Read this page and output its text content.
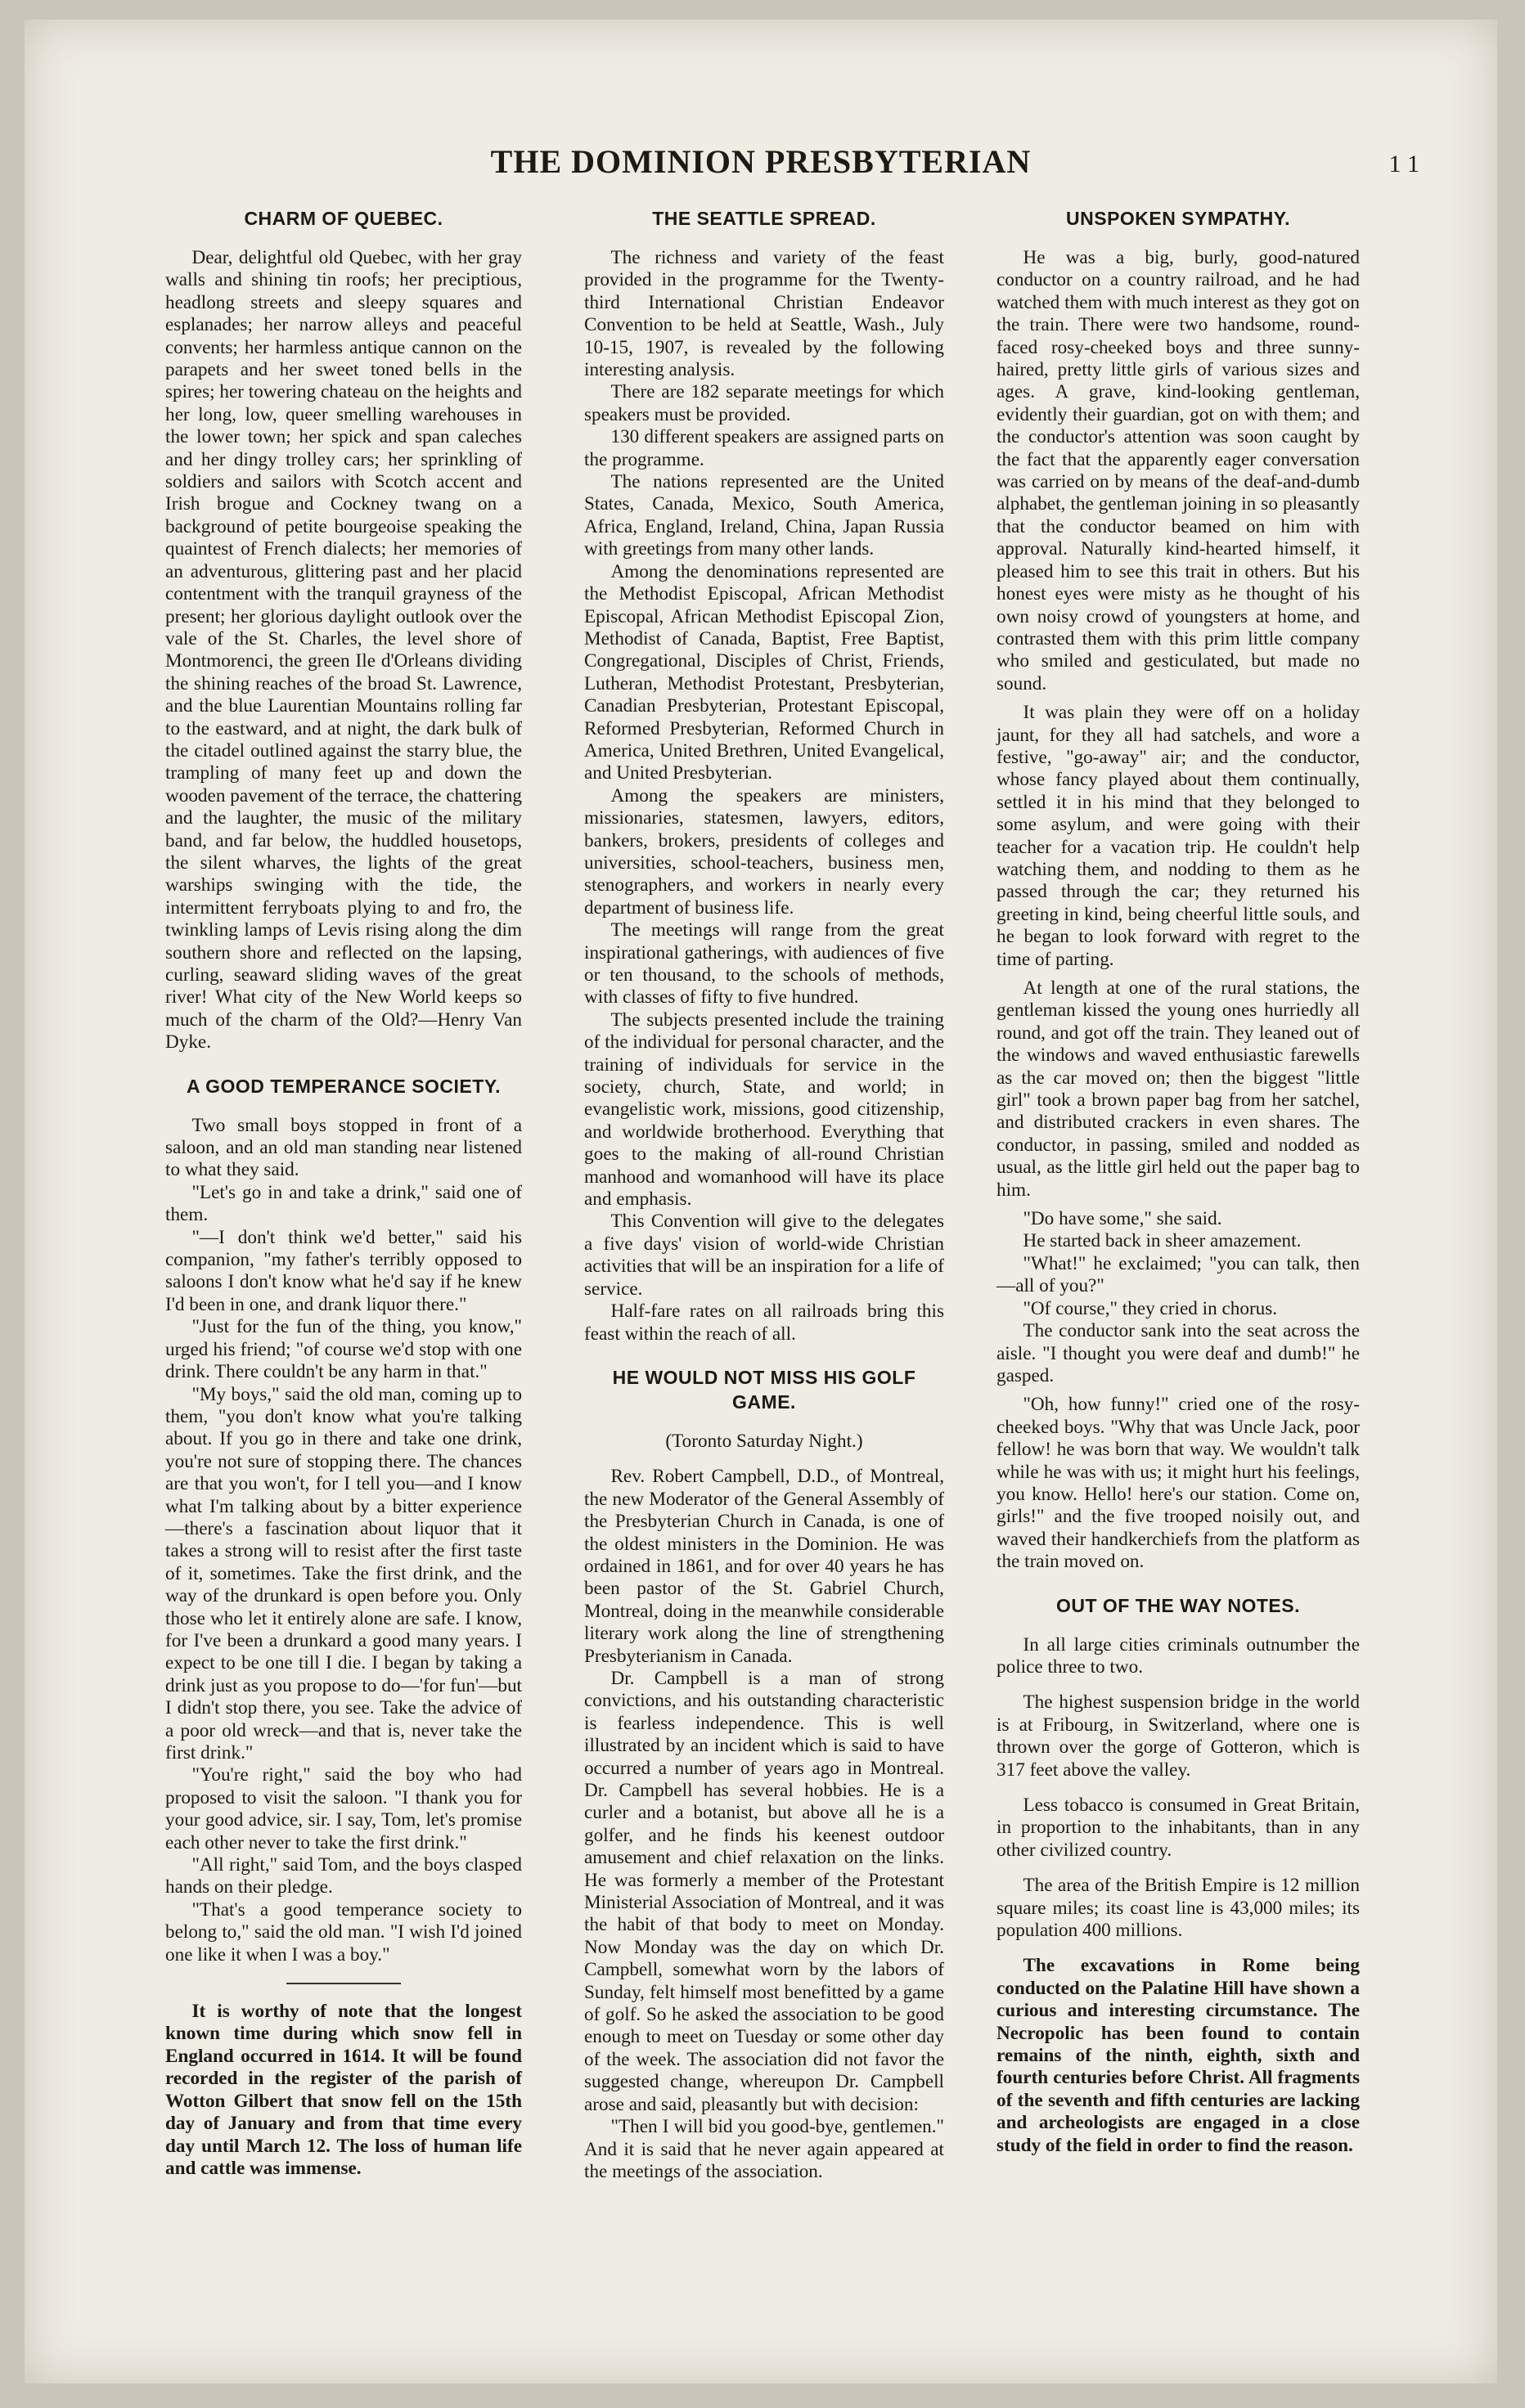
THE DOMINION PRESBYTERIAN	1 1
CHARM OF QUEBEC.

Dear, delightful old Quebec, with her gray walls and shining tin roofs; her preciptious, headlong streets and sleepy squares and esplanades; her narrow alleys and peaceful convents; her harmless antique cannon on the parapets and her sweet toned bells in the spires; her towering chateau on the heights and her long, low, queer smelling warehouses in the lower town; her spick and span caleches and her dingy trolley cars; her sprinkling of soldiers and sailors with Scotch accent and Irish brogue and Cockney twang on a background of petite bourgeoise speaking the quaintest of French dialects; her memories of an adventurous, glittering past and her placid contentment with the tranquil grayness of the present; her glorious daylight outlook over the vale of the St. Charles, the level shore of Montmorenci, the green Ile d'Orleans dividing the shining reaches of the broad St. Lawrence, and the blue Laurentian Mountains rolling far to the eastward, and at night, the dark bulk of the citadel outlined against the starry blue, the trampling of many feet up and down the wooden pavement of the terrace, the chattering and the laughter, the music of the military band, and far below, the huddled housetops, the silent wharves, the lights of the great warships swinging with the tide, the intermittent ferryboats plying to and fro, the twinkling lamps of Levis rising along the dim southern shore and reflected on the lapsing, curling, seaward sliding waves of the great river! What city of the New World keeps so much of the charm of the Old?—Henry Van Dyke.

A GOOD TEMPERANCE SOCIETY.

Two small boys stopped in front of a saloon, and an old man standing near listened to what they said.

"Let's go in and take a drink," said one of them.

"—I don't think we'd better," said his companion, "my father's terribly opposed to saloons I don't know what he'd say if he knew I'd been in one, and drank liquor there."

"Just for the fun of the thing, you know," urged his friend; "of course we'd stop with one drink. There couldn't be any harm in that."

"My boys," said the old man, coming up to them, "you don't know what you're talking about. If you go in there and take one drink, you're not sure of stopping there. The chances are that you won't, for I tell you—and I know what I'm talking about by a bitter experience—there's a fascination about liquor that it takes a strong will to resist after the first taste of it, sometimes. Take the first drink, and the way of the drunkard is open before you. Only those who let it entirely alone are safe. I know, for I've been a drunkard a good many years. I expect to be one till I die. I began by taking a drink just as you propose to do—'for fun'—but I didn't stop there, you see. Take the advice of a poor old wreck—and that is, never take the first drink."

"You're right," said the boy who had proposed to visit the saloon. "I thank you for your good advice, sir. I say, Tom, let's promise each other never to take the first drink."

"All right," said Tom, and the boys clasped hands on their pledge.

"That's a good temperance society to belong to," said the old man. "I wish I'd joined one like it when I was a boy."

It is worthy of note that the longest known time during which snow fell in England occurred in 1614. It will be found recorded in the register of the parish of Wotton Gilbert that snow fell on the 15th day of January and from that time every day until March 12. The loss of human life and cattle was immense.

THE SEATTLE SPREAD.

The richness and variety of the feast provided in the programme for the Twenty-third International Christian Endeavor Convention to be held at Seattle, Wash., July 10-15, 1907, is revealed by the following interesting analysis.

There are 182 separate meetings for which speakers must be provided.

130 different speakers are assigned parts on the programme.

The nations represented are the United States, Canada, Mexico, South America, Africa, England, Ireland, China, Japan Russia with greetings from many other lands.

Among the denominations represented are the Methodist Episcopal, African Methodist Episcopal, African Methodist Episcopal Zion, Methodist of Canada, Baptist, Free Baptist, Congregational, Disciples of Christ, Friends, Lutheran, Methodist Protestant, Presbyterian, Canadian Presbyterian, Protestant Episcopal, Reformed Presbyterian, Reformed Church in America, United Brethren, United Evangelical, and United Presbyterian.

Among the speakers are ministers, missionaries, statesmen, lawyers, editors, bankers, brokers, presidents of colleges and universities, school-teachers, business men, stenographers, and workers in nearly every department of business life.

The meetings will range from the great inspirational gatherings, with audiences of five or ten thousand, to the schools of methods, with classes of fifty to five hundred.

The subjects presented include the training of the individual for personal character, and the training of individuals for service in the society, church, State, and world; in evangelistic work, missions, good citizenship, and worldwide brotherhood. Everything that goes to the making of all-round Christian manhood and womanhood will have its place and emphasis.

This Convention will give to the delegates a five days' vision of world-wide Christian activities that will be an inspiration for a life of service.

Half-fare rates on all railroads bring this feast within the reach of all.

HE WOULD NOT MISS HIS GOLF GAME.

(Toronto Saturday Night.)

Rev. Robert Campbell, D.D., of Montreal, the new Moderator of the General Assembly of the Presbyterian Church in Canada, is one of the oldest ministers in the Dominion. He was ordained in 1861, and for over 40 years he has been pastor of the St. Gabriel Church, Montreal, doing in the meanwhile considerable literary work along the line of strengthening Presbyterianism in Canada.

Dr. Campbell is a man of strong convictions, and his outstanding characteristic is fearless independence. This is well illustrated by an incident which is said to have occurred a number of years ago in Montreal. Dr. Campbell has several hobbies. He is a curler and a botanist, but above all he is a golfer, and he finds his keenest outdoor amusement and chief relaxation on the links. He was formerly a member of the Protestant Ministerial Association of Montreal, and it was the habit of that body to meet on Monday. Now Monday was the day on which Dr. Campbell, somewhat worn by the labors of Sunday, felt himself most benefitted by a game of golf. So he asked the association to be good enough to meet on Tuesday or some other day of the week. The association did not favor the suggested change, whereupon Dr. Campbell arose and said, pleasantly but with decision:

"Then I will bid you good-bye, gentlemen." And it is said that he never again appeared at the meetings of the association.

UNSPOKEN SYMPATHY.

He was a big, burly, good-natured conductor on a country railroad, and he had watched them with much interest as they got on the train. There were two handsome, round-faced rosy-cheeked boys and three sunny-haired, pretty little girls of various sizes and ages. A grave, kind-looking gentleman, evidently their guardian, got on with them; and the conductor's attention was soon caught by the fact that the apparently eager conversation was carried on by means of the deaf-and-dumb alphabet, the gentleman joining in so pleasantly that the conductor beamed on him with approval. Naturally kind-hearted himself, it pleased him to see this trait in others. But his honest eyes were misty as he thought of his own noisy crowd of youngsters at home, and contrasted them with this prim little company who smiled and gesticulated, but made no sound.

It was plain they were off on a holiday jaunt, for they all had satchels, and wore a festive, "go-away" air; and the conductor, whose fancy played about them continually, settled it in his mind that they belonged to some asylum, and were going with their teacher for a vacation trip. He couldn't help watching them, and nodding to them as he passed through the car; they returned his greeting in kind, being cheerful little souls, and he began to look forward with regret to the time of parting.

At length at one of the rural stations, the gentleman kissed the young ones hurriedly all round, and got off the train. They leaned out of the windows and waved enthusiastic farewells as the car moved on; then the biggest "little girl" took a brown paper bag from her satchel, and distributed crackers in even shares. The conductor, in passing, smiled and nodded as usual, as the little girl held out the paper bag to him.

"Do have some," she said.

He started back in sheer amazement.

"What!" he exclaimed; "you can talk, then—all of you?"

"Of course," they cried in chorus.

The conductor sank into the seat across the aisle. "I thought you were deaf and dumb!" he gasped.

"Oh, how funny!" cried one of the rosy-cheeked boys. "Why that was Uncle Jack, poor fellow! he was born that way. We wouldn't talk while he was with us; it might hurt his feelings, you know. Hello! here's our station. Come on, girls!" and the five trooped noisily out, and waved their handkerchiefs from the platform as the train moved on.

OUT OF THE WAY NOTES.

In all large cities criminals outnumber the police three to two.

The highest suspension bridge in the world is at Fribourg, in Switzerland, where one is thrown over the gorge of Gotteron, which is 317 feet above the valley.

Less tobacco is consumed in Great Britain, in proportion to the inhabitants, than in any other civilized country.

The area of the British Empire is 12 million square miles; its coast line is 43,000 miles; its population 400 millions.

The excavations in Rome being conducted on the Palatine Hill have shown a curious and interesting circumstance. The Necropolic has been found to contain remains of the ninth, eighth, sixth and fourth centuries before Christ. All fragments of the seventh and fifth centuries are lacking and archeologists are engaged in a close study of the field in order to find the reason.
